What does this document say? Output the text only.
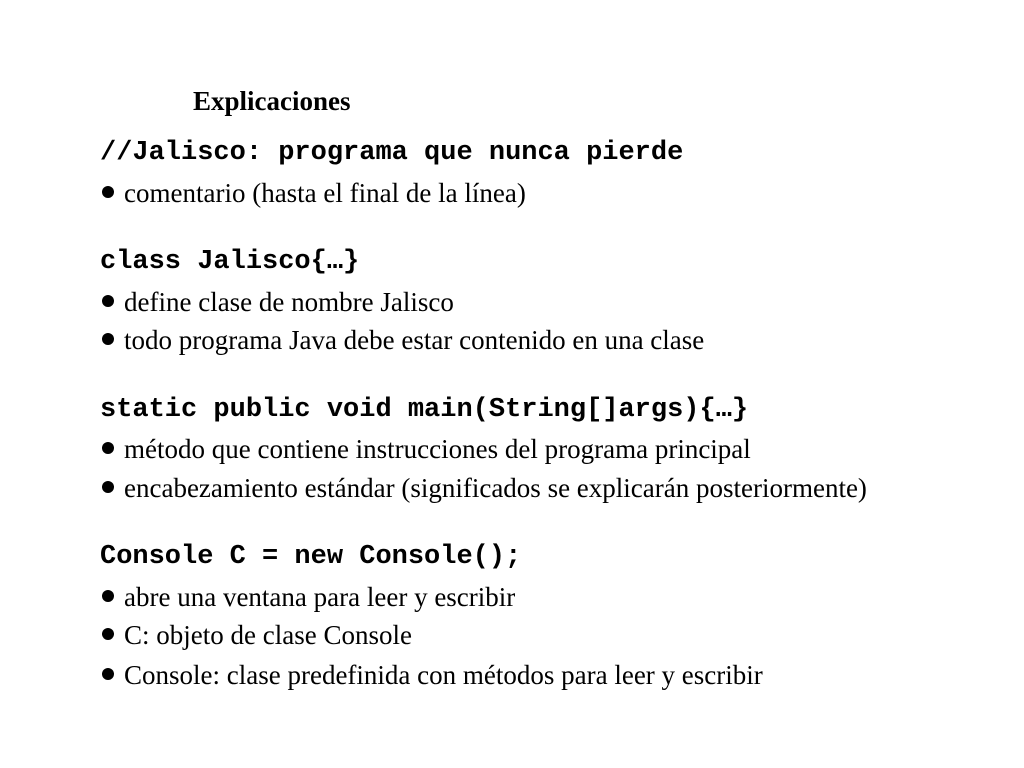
Explicaciones
//Jalisco: programa que nunca pierde
comentario (hasta el final de la línea)
class Jalisco{…}
define clase de nombre Jalisco
todo programa Java debe estar contenido en una clase
static public void main(String[]args){…}
método que contiene instrucciones del programa principal
encabezamiento estándar (significados se explicarán posteriormente)
Console C = new Console();
abre una ventana para leer y escribir
C: objeto de clase Console
Console: clase predefinida con métodos para leer y escribir
